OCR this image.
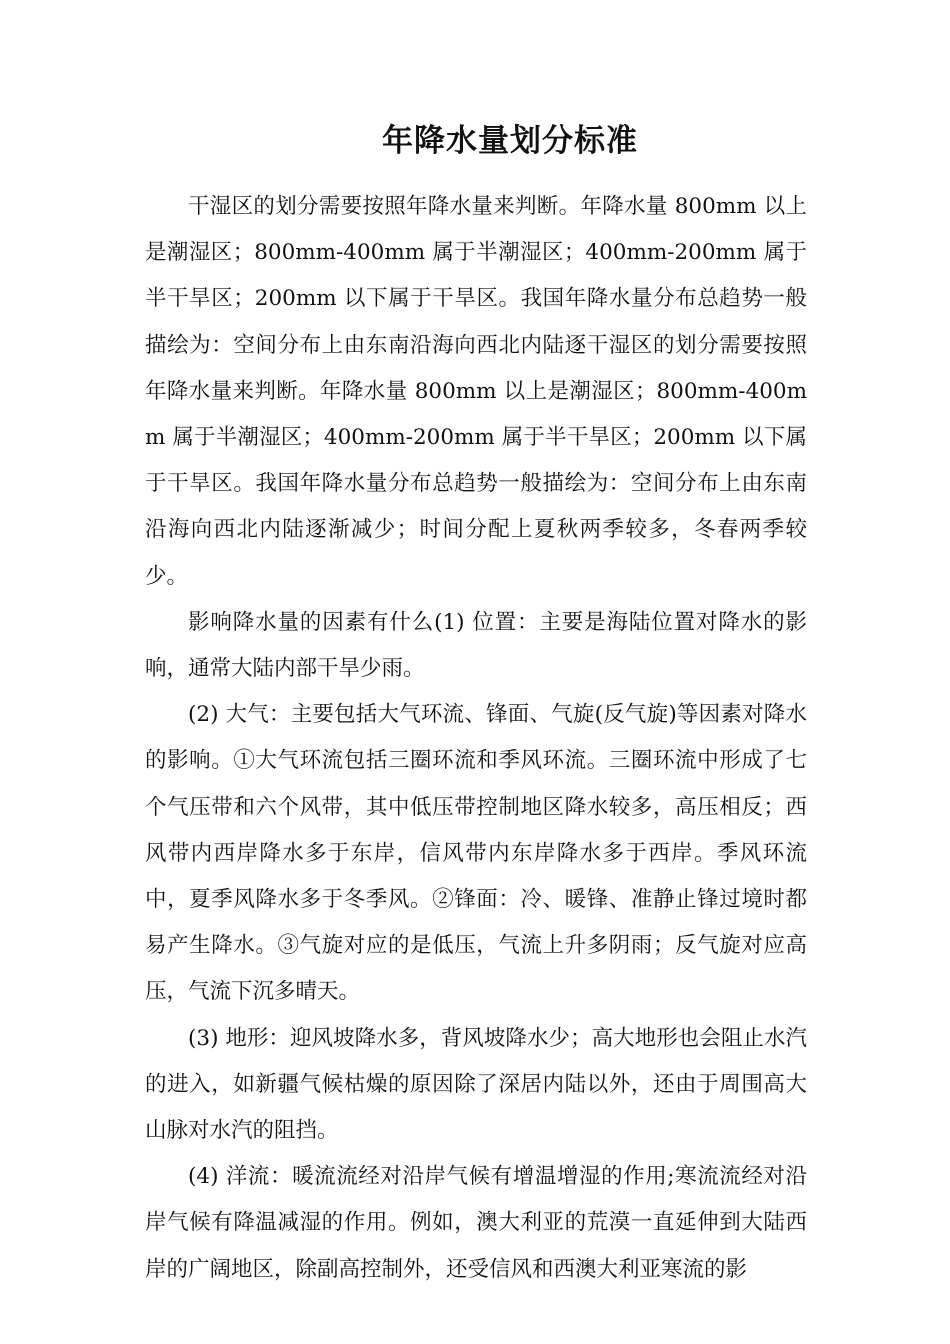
年降水量划分标准

干湿区的划分需要按照年降水量来判断。年降水量 800mm 以上是潮湿区；800mm-400mm 属于半潮湿区；400mm-200mm 属于半干旱区；200mm 以下属于干旱区。我国年降水量分布总趋势一般描绘为：空间分布上由东南沿海向西北内陆逐干湿区的划分需要按照年降水量来判断。年降水量 800mm 以上是潮湿区；800mm-400mm 属于半潮湿区；400mm-200mm 属于半干旱区；200mm 以下属于干旱区。我国年降水量分布总趋势一般描绘为：空间分布上由东南沿海向西北内陆逐渐减少；时间分配上夏秋两季较多，冬春两季较少。

影响降水量的因素有什么(1) 位置：主要是海陆位置对降水的影响，通常大陆内部干旱少雨。

(2) 大气：主要包括大气环流、锋面、气旋(反气旋)等因素对降水的影响。①大气环流包括三圈环流和季风环流。三圈环流中形成了七个气压带和六个风带，其中低压带控制地区降水较多，高压相反；西风带内西岸降水多于东岸，信风带内东岸降水多于西岸。季风环流中，夏季风降水多于冬季风。②锋面：冷、暖锋、准静止锋过境时都易产生降水。③气旋对应的是低压，气流上升多阴雨；反气旋对应高压，气流下沉多晴天。

(3) 地形：迎风坡降水多，背风坡降水少；高大地形也会阻止水汽的进入，如新疆气候枯燥的原因除了深居内陆以外，还由于周围高大山脉对水汽的阻挡。

(4) 洋流：暖流流经对沿岸气候有增温增湿的作用;寒流流经对沿岸气候有降温减湿的作用。例如，澳大利亚的荒漠一直延伸到大陆西岸的广阔地区，除副高控制外，还受信风和西澳大利亚寒流的影
